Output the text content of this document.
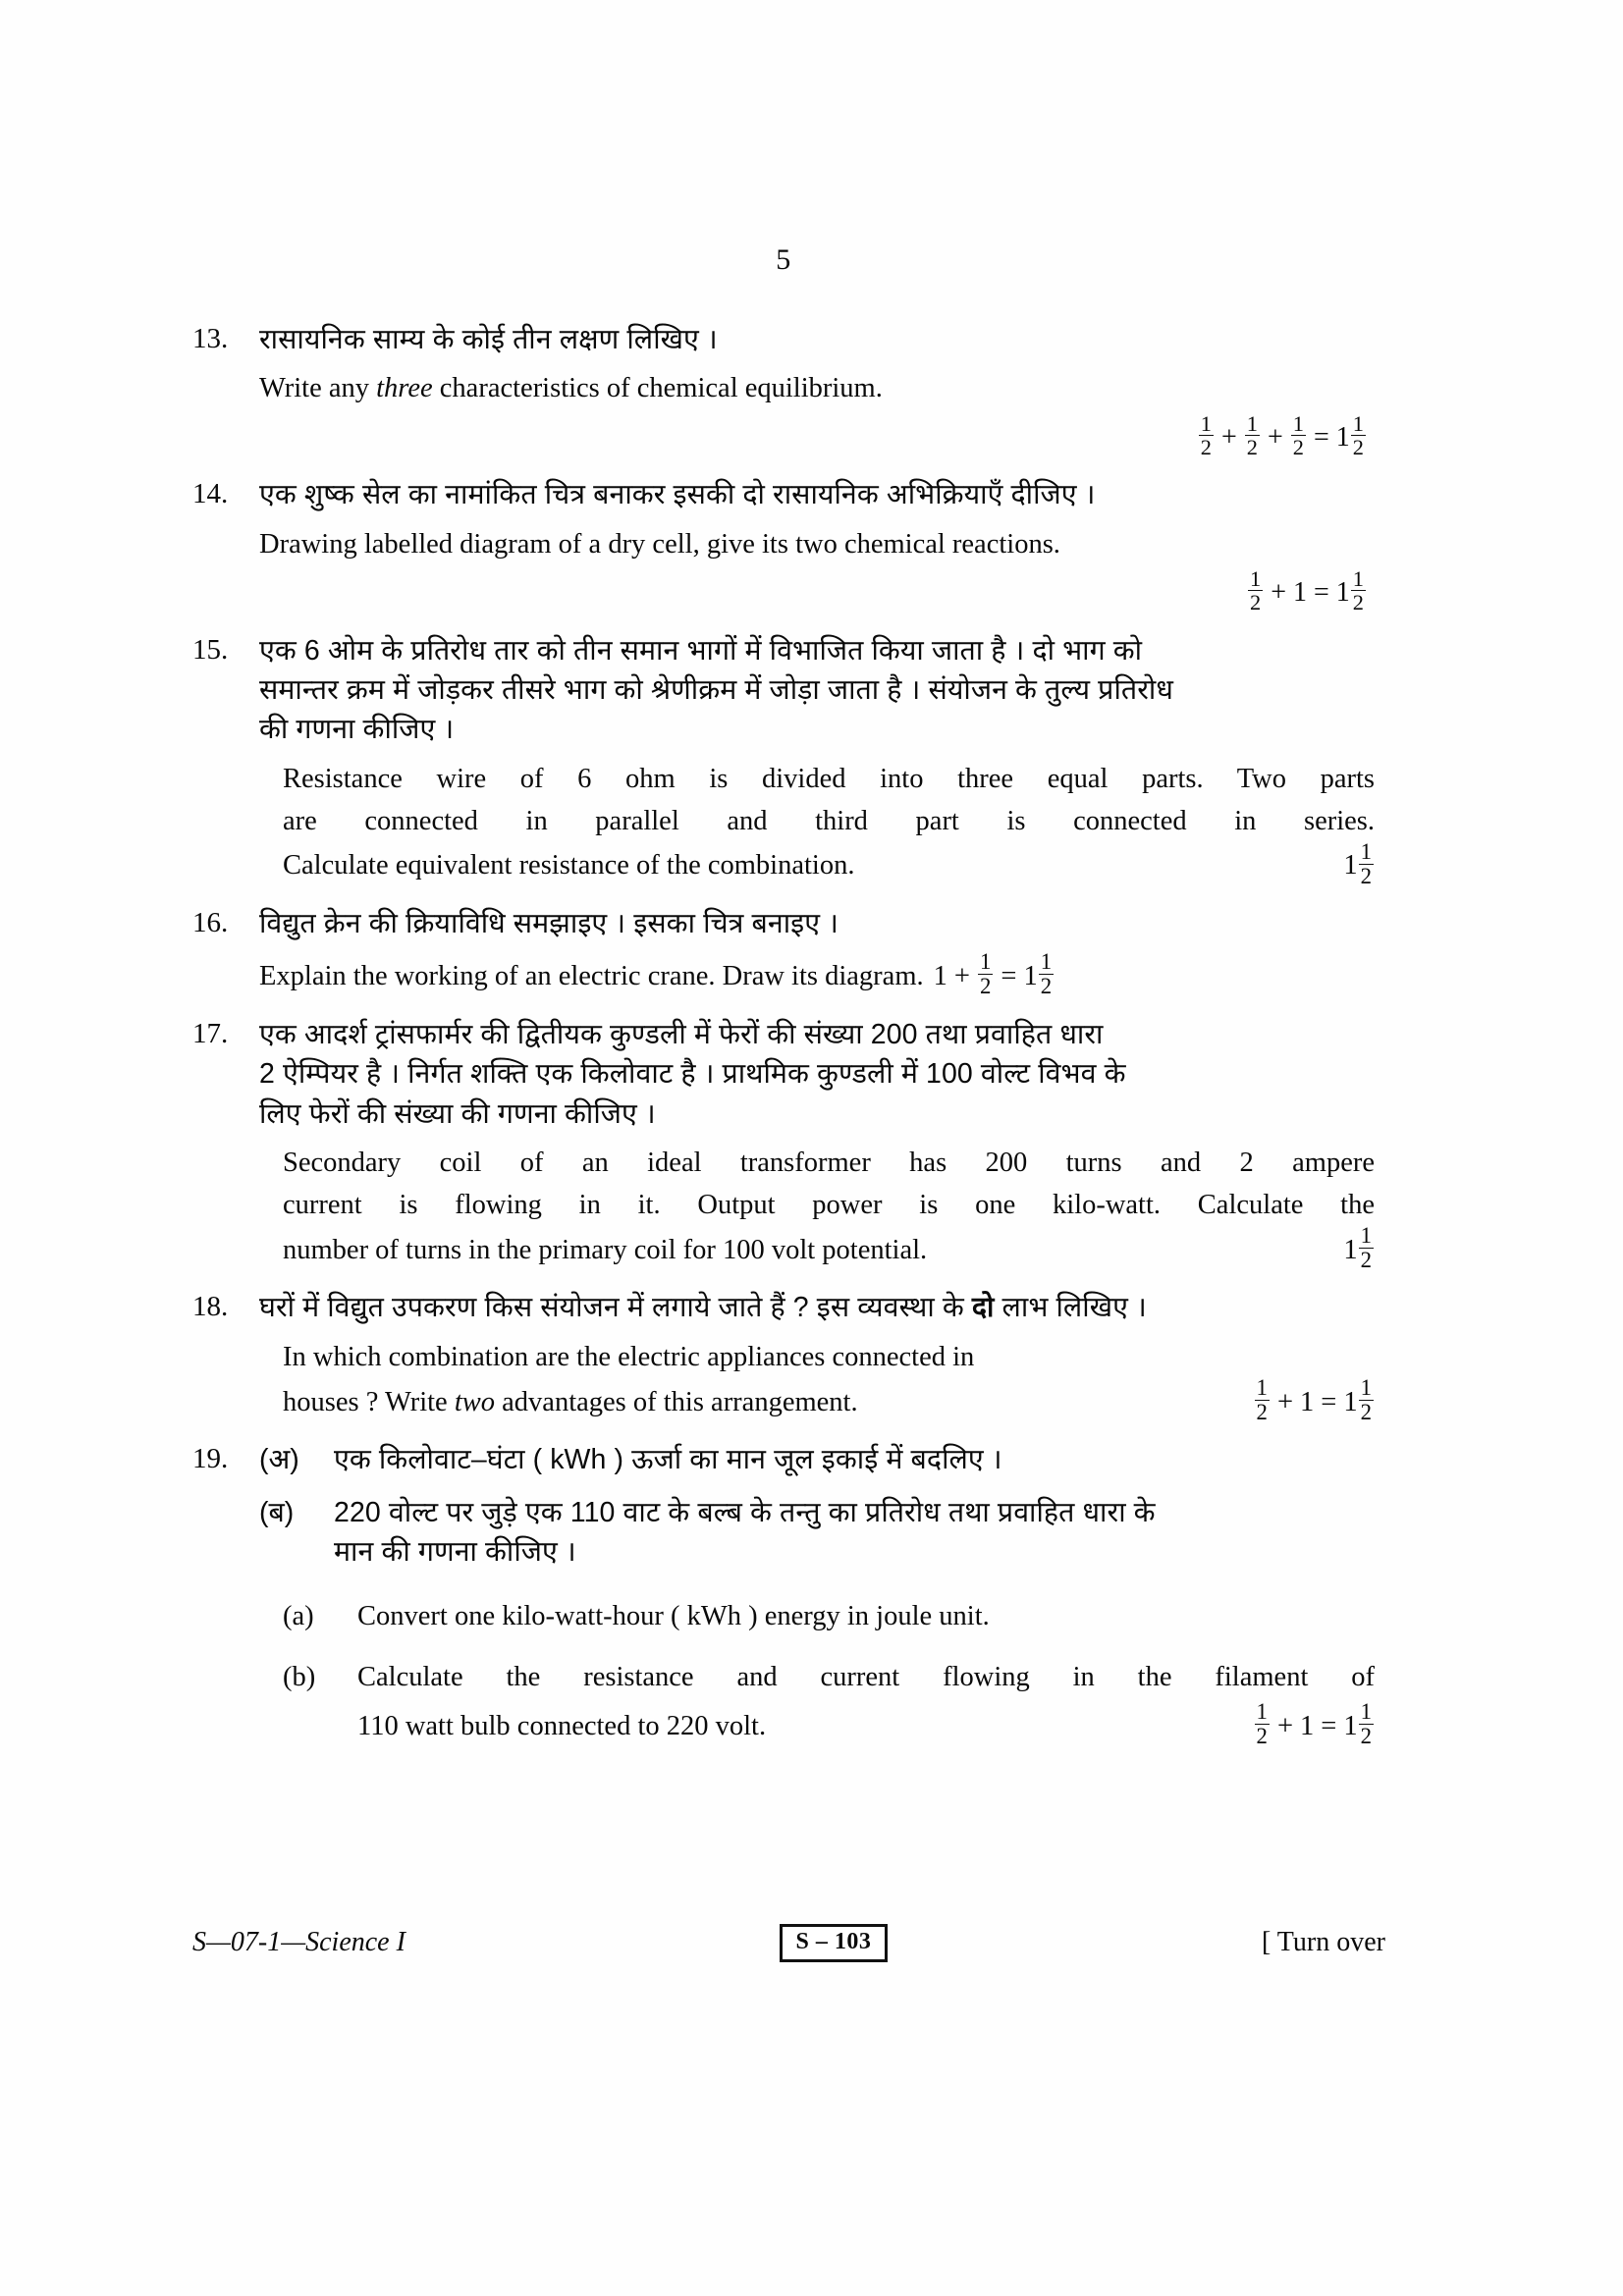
5
13.	रासायनिक साम्य के कोई तीन लक्षण लिखिए ।
Write any three characteristics of chemical equilibrium.
$\frac{1}{2} + \frac{1}{2} + \frac{1}{2} = 1 \frac{1}{2}$
14.	एक शुष्क सेल का नामांकित चित्र बनाकर इसकी दो रासायनिक अभिक्रियाएँ दीजिए ।
Drawing labelled diagram of a dry cell, give its two chemical reactions.
$\frac{1}{2} + 1 = 1 \frac{1}{2}$
15.	एक 6 ओम के प्रतिरोध तार को तीन समान भागों में विभाजित किया जाता है । दो भाग को
समान्तर क्रम में जोड़कर तीसरे भाग को श्रेणीक्रम में जोड़ा जाता है । संयोजन के तुल्य प्रतिरोध
की गणना कीजिए ।
Resistance wire of 6 ohm is divided into three equal parts. Two parts
are connected in parallel and third part is connected in series.
Calculate equivalent resistance of the combination.	$1 \frac{1}{2}$
16.	विद्युत क्रेन की क्रियाविधि समझाइए । इसका चित्र बनाइए ।
Explain the working of an electric crane. Draw its diagram. $1 + \frac{1}{2} = 1 \frac{1}{2}$
17.	एक आदर्श ट्रांसफार्मर की द्वितीयक कुण्डली में फेरों की संख्या 200 तथा प्रवाहित धारा
2 ऐम्पियर है । निर्गत शक्ति एक किलोवाट है । प्राथमिक कुण्डली में 100 वोल्ट विभव के
लिए फेरों की संख्या की गणना कीजिए ।
Secondary coil of an ideal transformer has 200 turns and 2 ampere
current is flowing in it. Output power is one kilo-watt. Calculate the
number of turns in the primary coil for 100 volt potential.	$1 \frac{1}{2}$
18.	घरों में विद्युत उपकरण किस संयोजन में लगाये जाते हैं ? इस व्यवस्था के दो लाभ लिखिए ।
In which combination are the electric appliances connected in
houses ? Write two advantages of this arrangement.	$\frac{1}{2} + 1 = 1 \frac{1}{2}$
19.	(अ)	एक किलोवाट–घंटा ( kWh ) ऊर्जा का मान जूल इकाई में बदलिए ।
(ब)	220 वोल्ट पर जुड़े एक 110 वाट के बल्ब के तन्तु का प्रतिरोध तथा प्रवाहित धारा के
मान की गणना कीजिए ।
(a)	Convert one kilo-watt-hour ( kWh ) energy in joule unit.
(b)	Calculate the resistance and current flowing in the filament of
110 watt bulb connected to 220 volt.	$\frac{1}{2} + 1 = 1 \frac{1}{2}$
S—07-1—Science I	S – 103	[ Turn over
